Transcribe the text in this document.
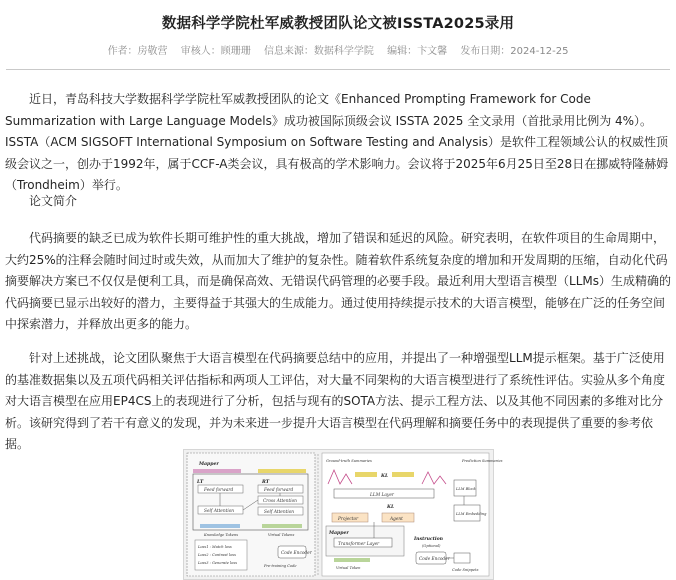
数据科学学院杜军威教授团队论文被ISSTA2025录用
作者：房敬营 审核人：顾珊珊 信息来源：数据科学学院 编辑：卞文馨 发布日期：2024-12-25

近日，青岛科技大学数据科学学院杜军威教授团队的论文《Enhanced Prompting Framework for Code Summarization with Large Language Models》成功被国际顶级会议 ISSTA 2025 全文录用（首批录用比例为 4%）。ISSTA（ACM SIGSOFT International Symposium on Software Testing and Analysis）是软件工程领域公认的权威性顶级会议之一，创办于1992年，属于CCF-A类会议，具有极高的学术影响力。会议将于2025年6月25日至28日在挪威特隆赫姆（Trondheim）举行。

论文简介

代码摘要的缺乏已成为软件长期可维护性的重大挑战，增加了错误和延迟的风险。研究表明，在软件项目的生命周期中，大约25%的注释会随时间过时或失效，从而加大了维护的复杂性。随着软件系统复杂度的增加和开发周期的压缩，自动化代码摘要解决方案已不仅仅是便利工具，而是确保高效、无错误代码管理的必要手段。最近利用大型语言模型（LLMs）生成精确的代码摘要已显示出较好的潜力，主要得益于其强大的生成能力。通过使用持续提示技术的大语言模型，能够在广泛的任务空间中探索潜力，并释放出更多的能力。

针对上述挑战，论文团队聚焦于大语言模型在代码摘要总结中的应用，并提出了一种增强型LLM提示框架。基于广泛使用的基准数据集以及五项代码相关评估指标和两项人工评估，对大量不同架构的大语言模型进行了系统性评估。实验从多个角度对大语言模型在应用EP4CS上的表现进行了分析，包括与现有的SOTA方法、提示工程方法、以及其他不同因素的多维对比分析。该研究得到了若干有意义的发现，并为未来进一步提升大语言模型在代码理解和摘要任务中的表现提供了重要的参考依据。

Mapper
LT	RT
Feed forward
Self Attention
Feed forward
Cross Attention
Self Attention
Knowledge Tokens	Virtual Tokens
Loss1 : Match loss
Loss2 : Contrast loss
Loss3 : Generate loss
Code Encoder
Pre-training Code
Ground-truth Summaries	Prediction Summaries
KL
LLM Layer
KL
LLM Block
LLM Embedding
Projector	Agent
Mapper
Transformer Layer
Virtual Token
Instruction
(Optional)
Code Encoder
Code Snippets
